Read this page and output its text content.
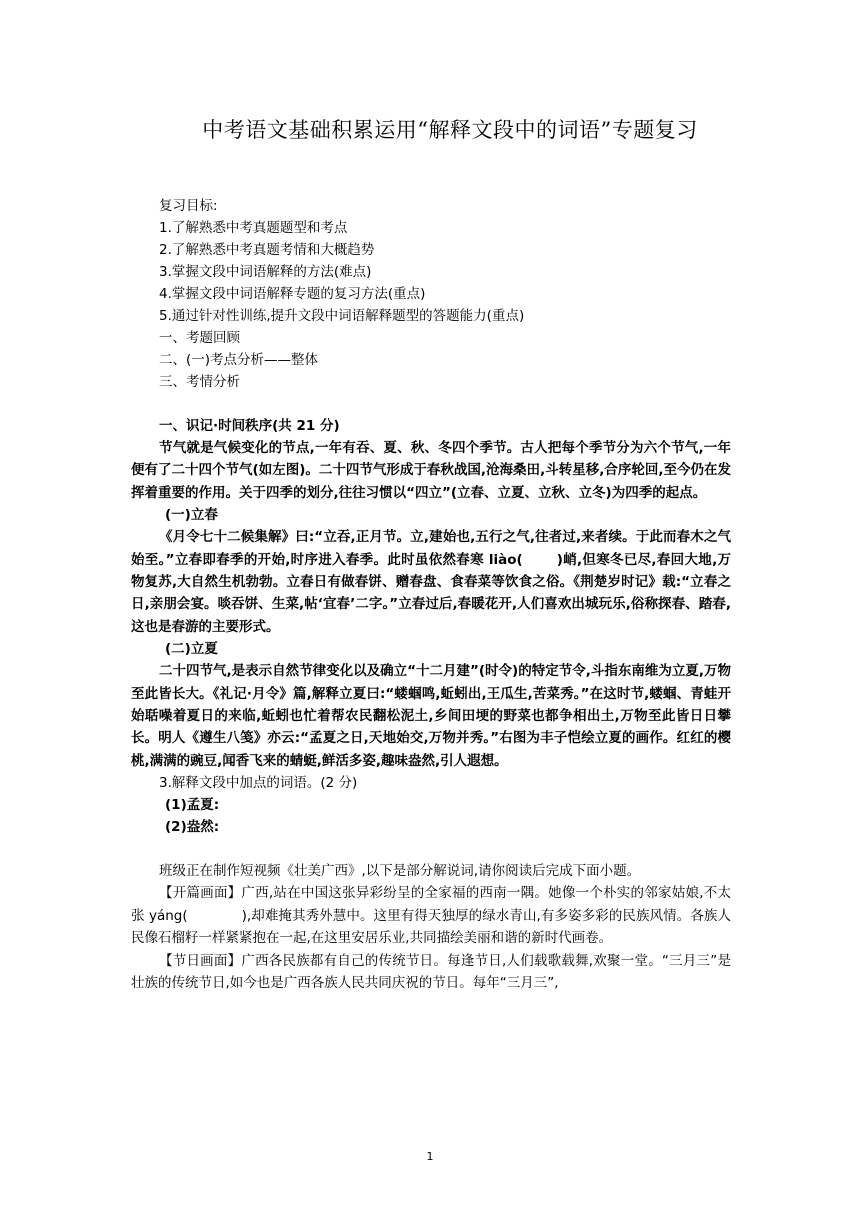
中考语文基础积累运用“解释文段中的词语”专题复习
复习目标:
1.了解熟悉中考真题题型和考点
2.了解熟悉中考真题考情和大概趋势
3.掌握文段中词语解释的方法(难点)
4.掌握文段中词语解释专题的复习方法(重点)
5.通过针对性训练,提升文段中词语解释题型的答题能力(重点)
一、考题回顾
二、(一)考点分析——整体
三、考情分析
一、识记·时间秩序(共 21 分)
节气就是气候变化的节点,一年有吞、夏、秋、冬四个季节。古人把每个季节分为六个节气,一年便有了二十四个节气(如左图)。二十四节气形成于春秋战国,沧海桑田,斗转星移,合序轮回,至今仍在发挥着重要的作用。关于四季的划分,往往习惯以“四立”(立春、立夏、立秋、立冬)为四季的起点。
(一)立春
《月令七十二候集解》曰:“立吞,正月节。立,建始也,五行之气,往者过,来者续。于此而春木之气始至。”立春即春季的开始,时序进入春季。此时虽依然春寒 liào(	)峭,但寒冬已尽,春回大地,万物复苏,大自然生机勃勃。立春日有做春饼、赠春盘、食春菜等饮食之俗。《荆楚岁时记》载:“立春之日,亲朋会宴。啖吞饼、生菜,帖‘宜春’二字。”立春过后,春暖花开,人们喜欢出城玩乐,俗称探春、踏春,这也是春游的主要形式。
(二)立夏
二十四节气,是表示自然节律变化以及确立“十二月建”(时令)的特定节令,斗指东南维为立夏,万物至此皆长大。《礼记·月令》篇,解释立夏曰:“蝼蝈鸣,蚯蚓出,王瓜生,苦菜秀。”在这时节,蝼蝈、青蛙开始聒噪着夏日的来临,蚯蚓也忙着帮农民翻松泥土,乡间田埂的野菜也都争相出土,万物至此皆日日攀长。明人《遵生八笺》亦云:“孟夏之日,天地始交,万物并秀。”右图为丰子恺绘立夏的画作。红红的樱桃,满满的豌豆,闻香飞来的蜻蜓,鲜活多姿,趣味盎然,引人遐想。
3.解释文段中加点的词语。(2 分)
(1)孟夏:
(2)盎然:
班级正在制作短视频《壮美广西》,以下是部分解说词,请你阅读后完成下面小题。
【开篇画面】广西,站在中国这张异彩纷呈的全家福的西南一隅。她像一个朴实的邻家姑娘,不太张 yáng(	),却难掩其秀外慧中。这里有得天独厚的绿水青山,有多姿多彩的民族风情。各族人民像石榴籽一样紧紧抱在一起,在这里安居乐业,共同描绘美丽和谐的新时代画卷。
【节日画面】广西各民族都有自己的传统节日。每逢节日,人们载歌载舞,欢聚一堂。“三月三”是壮族的传统节日,如今也是广西各族人民共同庆祝的节日。每年“三月三”,
1
